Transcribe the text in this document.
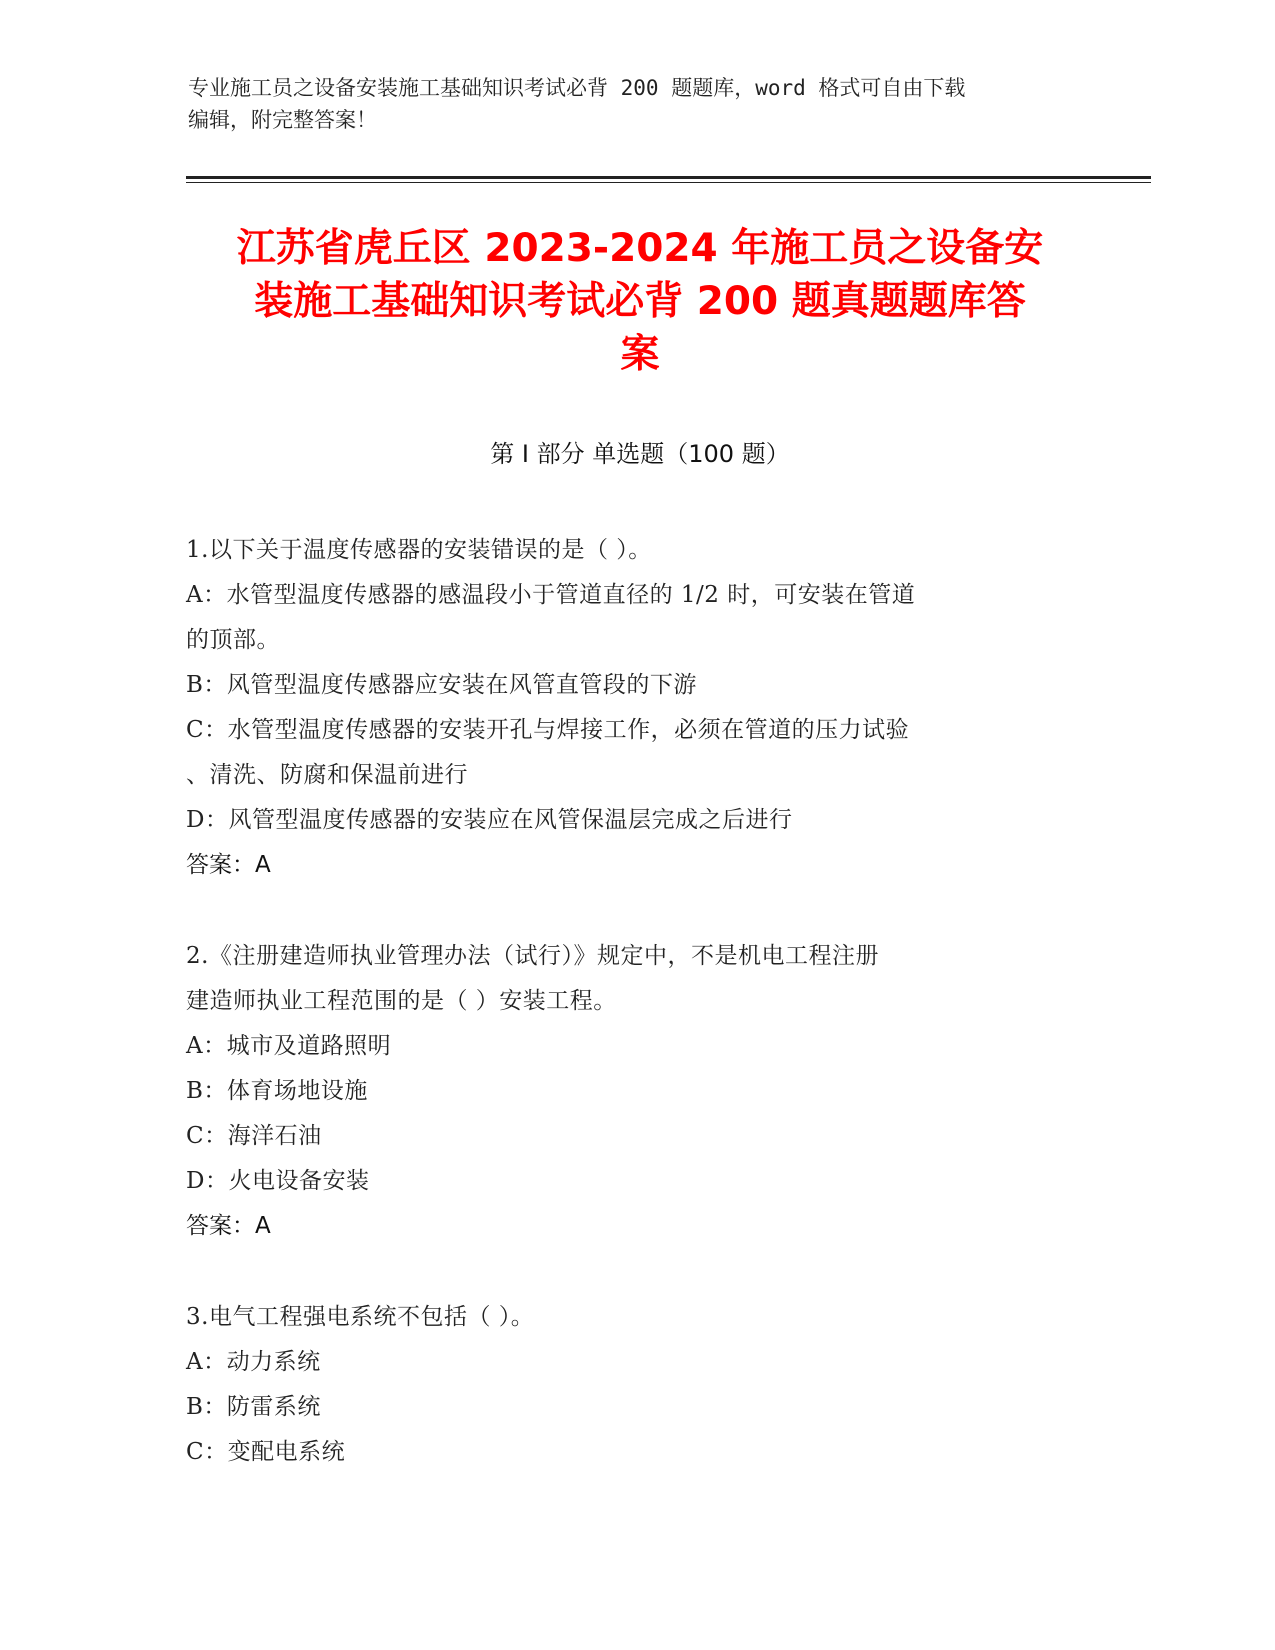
专业施工员之设备安装施工基础知识考试必背 200 题题库，word 格式可自由下载
编辑，附完整答案！
江苏省虎丘区 2023-2024 年施工员之设备安
装施工基础知识考试必背 200 题真题题库答
案
第 I 部分 单选题（100 题）
1.以下关于温度传感器的安装错误的是（ ）。
A：水管型温度传感器的感温段小于管道直径的 1/2 时，可安装在管道
的顶部。
B：风管型温度传感器应安装在风管直管段的下游
C：水管型温度传感器的安装开孔与焊接工作，必须在管道的压力试验
、清洗、防腐和保温前进行
D：风管型温度传感器的安装应在风管保温层完成之后进行
答案：A
2.《注册建造师执业管理办法（试行）》规定中，不是机电工程注册
建造师执业工程范围的是（ ）安装工程。
A：城市及道路照明
B：体育场地设施
C：海洋石油
D：火电设备安装
答案：A
3.电气工程强电系统不包括（ ）。
A：动力系统
B：防雷系统
C：变配电系统
